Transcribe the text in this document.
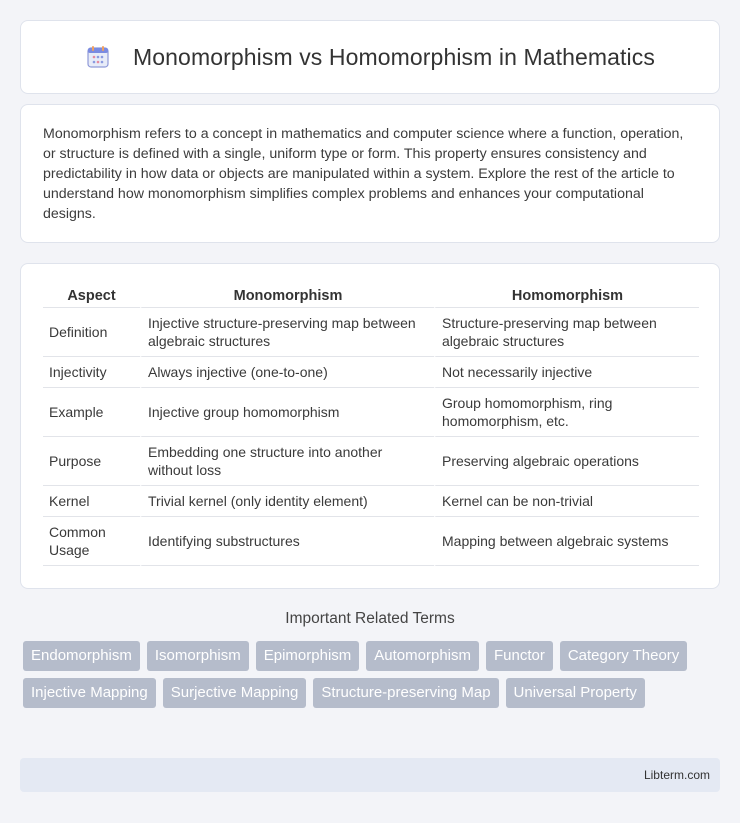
Monomorphism vs Homomorphism in Mathematics

Monomorphism refers to a concept in mathematics and computer science where a function, operation, or structure is defined with a single, uniform type or form. This property ensures consistency and predictability in how data or objects are manipulated within a system. Explore the rest of the article to understand how monomorphism simplifies complex problems and enhances your computational designs.

Aspect	Monomorphism	Homomorphism
Definition	Injective structure-preserving map between algebraic structures	Structure-preserving map between algebraic structures
Injectivity	Always injective (one-to-one)	Not necessarily injective
Example	Injective group homomorphism	Group homomorphism, ring homomorphism, etc.
Purpose	Embedding one structure into another without loss	Preserving algebraic operations
Kernel	Trivial kernel (only identity element)	Kernel can be non-trivial
Common Usage	Identifying substructures	Mapping between algebraic systems
Important Related Terms
Endomorphism	Isomorphism	Epimorphism	Automorphism	Functor	Category Theory
Injective Mapping	Surjective Mapping	Structure-preserving Map	Universal Property
Libterm.com
